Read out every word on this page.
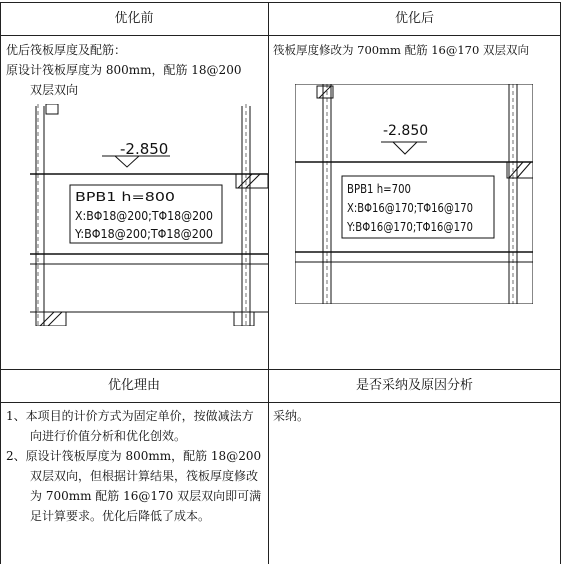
优化前	优化后
优化理由	是否采纳及原因分析

优后筏板厚度及配筋：

原设计筏板厚度为 800mm，配筋 18@200

双层双向

筏板厚度修改为 700mm 配筋 16@170 双层双向

-2.850
BPB1 h=800
X:BΦ18@200;TΦ18@200
Y:BΦ18@200;TΦ18@200
-2.850
BPB1 h=700
X:BΦ16@170;TΦ16@170
Y:BΦ16@170;TΦ16@170

1、本项目的计价方式为固定单价，按做减法方向进行价值分析和优化创效。

2、原设计筏板厚度为 800mm，配筋 18@200 双层双向，但根据计算结果，筏板厚度修改为 700mm 配筋 16@170 双层双向即可满足计算要求。优化后降低了成本。

采纳。
